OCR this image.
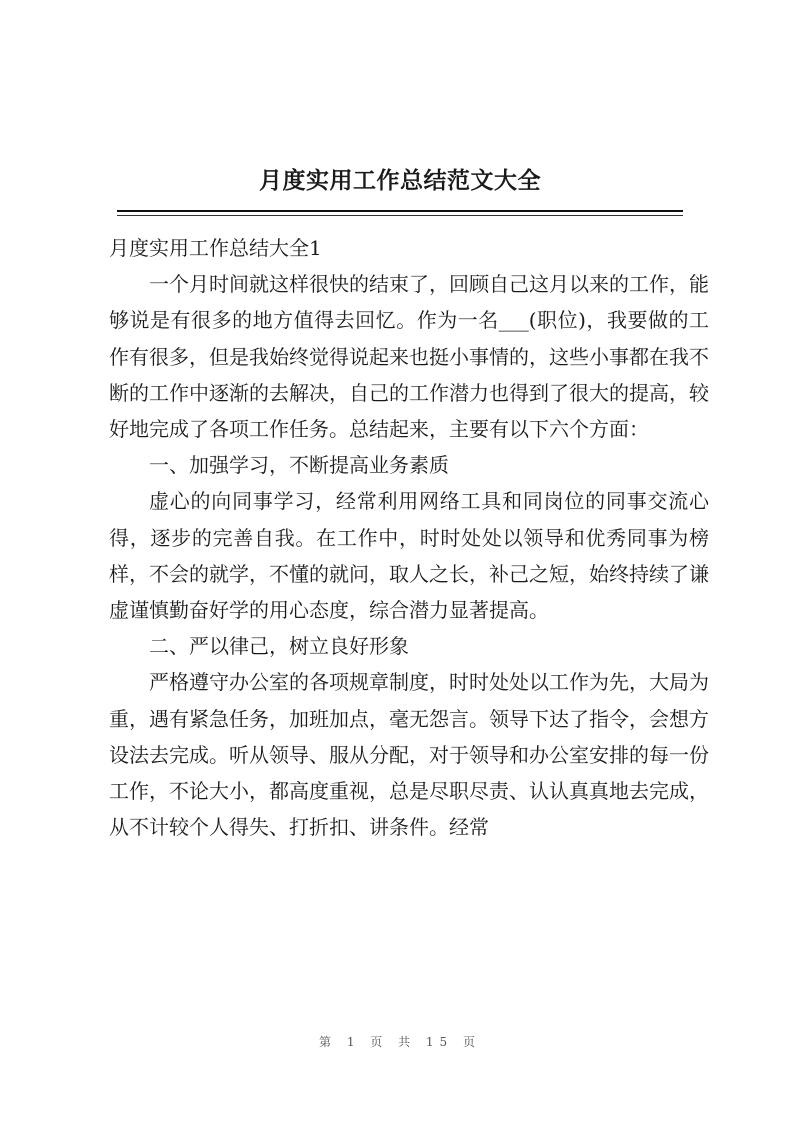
月度实用工作总结范文大全

月度实用工作总结大全1

一个月时间就这样很快的结束了，回顾自己这月以来的工作，能够说是有很多的地方值得去回忆。作为一名___(职位)，我要做的工作有很多，但是我始终觉得说起来也挺小事情的，这些小事都在我不断的工作中逐渐的去解决，自己的工作潜力也得到了很大的提高，较好地完成了各项工作任务。总结起来，主要有以下六个方面：

一、加强学习，不断提高业务素质

虚心的向同事学习，经常利用网络工具和同岗位的同事交流心得，逐步的完善自我。在工作中，时时处处以领导和优秀同事为榜样，不会的就学，不懂的就问，取人之长，补己之短，始终持续了谦虚谨慎勤奋好学的用心态度，综合潜力显著提高。

二、严以律己，树立良好形象

严格遵守办公室的各项规章制度，时时处处以工作为先，大局为重，遇有紧急任务，加班加点，毫无怨言。领导下达了指令，会想方设法去完成。听从领导、服从分配，对于领导和办公室安排的每一份工作，不论大小，都高度重视，总是尽职尽责、认认真真地去完成，从不计较个人得失、打折扣、讲条件。经常

第 1 页 共 15 页
